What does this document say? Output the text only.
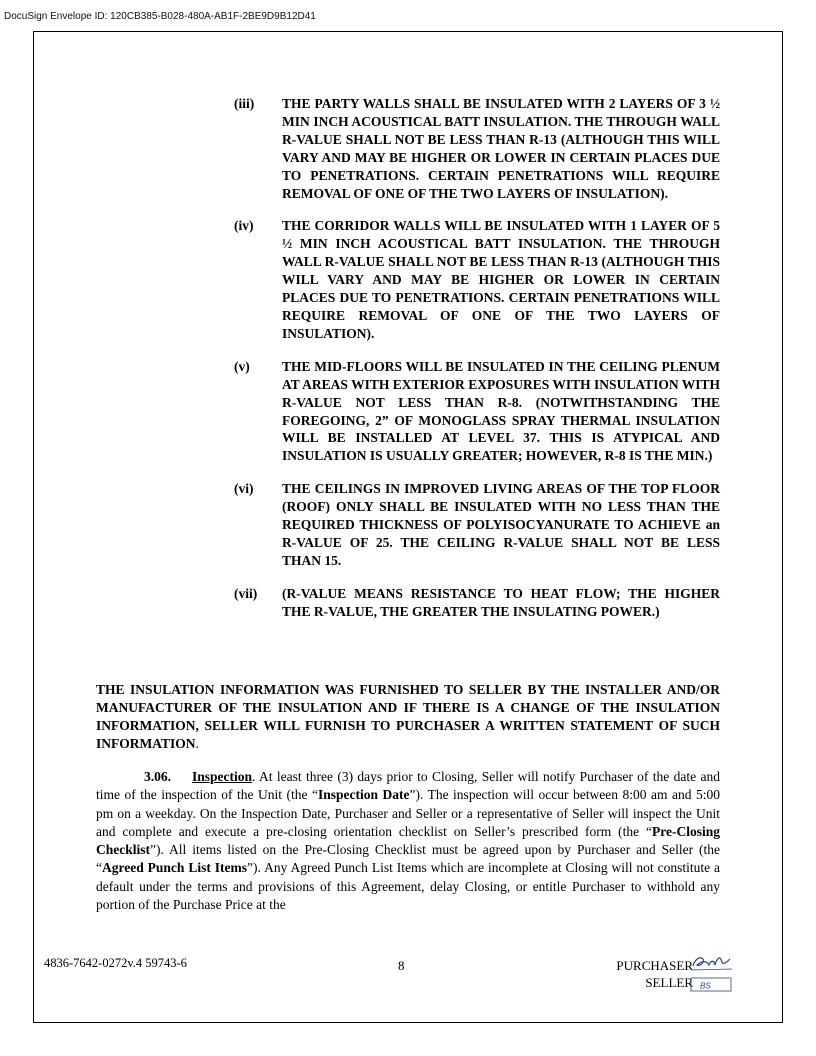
DocuSign Envelope ID: 120CB385-B028-480A-AB1F-2BE9D9B12D41
(iii)	THE PARTY WALLS SHALL BE INSULATED WITH 2 LAYERS OF 3 ½ MIN INCH ACOUSTICAL BATT INSULATION. THE THROUGH WALL R-VALUE SHALL NOT BE LESS THAN R-13 (ALTHOUGH THIS WILL VARY AND MAY BE HIGHER OR LOWER IN CERTAIN PLACES DUE TO PENETRATIONS. CERTAIN PENETRATIONS WILL REQUIRE REMOVAL OF ONE OF THE TWO LAYERS OF INSULATION).
(iv)	THE CORRIDOR WALLS WILL BE INSULATED WITH 1 LAYER OF 5 ½ MIN INCH ACOUSTICAL BATT INSULATION. THE THROUGH WALL R-VALUE SHALL NOT BE LESS THAN R-13 (ALTHOUGH THIS WILL VARY AND MAY BE HIGHER OR LOWER IN CERTAIN PLACES DUE TO PENETRATIONS. CERTAIN PENETRATIONS WILL REQUIRE REMOVAL OF ONE OF THE TWO LAYERS OF INSULATION).
(v)	THE MID-FLOORS WILL BE INSULATED IN THE CEILING PLENUM AT AREAS WITH EXTERIOR EXPOSURES WITH INSULATION WITH R-VALUE NOT LESS THAN R-8. (NOTWITHSTANDING THE FOREGOING, 2” OF MONOGLASS SPRAY THERMAL INSULATION WILL BE INSTALLED AT LEVEL 37. THIS IS ATYPICAL AND INSULATION IS USUALLY GREATER; HOWEVER, R-8 IS THE MIN.)
(vi)	THE CEILINGS IN IMPROVED LIVING AREAS OF THE TOP FLOOR (ROOF) ONLY SHALL BE INSULATED WITH NO LESS THAN THE REQUIRED THICKNESS OF POLYISOCYANURATE TO ACHIEVE an R-VALUE OF 25. THE CEILING R-VALUE SHALL NOT BE LESS THAN 15.
(vii)	(R-VALUE MEANS RESISTANCE TO HEAT FLOW; THE HIGHER THE R-VALUE, THE GREATER THE INSULATING POWER.)
THE INSULATION INFORMATION WAS FURNISHED TO SELLER BY THE INSTALLER AND/OR MANUFACTURER OF THE INSULATION AND IF THERE IS A CHANGE OF THE INSULATION INFORMATION, SELLER WILL FURNISH TO PURCHASER A WRITTEN STATEMENT OF SUCH INFORMATION.
3.06. Inspection. At least three (3) days prior to Closing, Seller will notify Purchaser of the date and time of the inspection of the Unit (the “Inspection Date”). The inspection will occur between 8:00 am and 5:00 pm on a weekday. On the Inspection Date, Purchaser and Seller or a representative of Seller will inspect the Unit and complete and execute a pre-closing orientation checklist on Seller’s prescribed form (the “Pre-Closing Checklist”). All items listed on the Pre-Closing Checklist must be agreed upon by Purchaser and Seller (the “Agreed Punch List Items”). Any Agreed Punch List Items which are incomplete at Closing will not constitute a default under the terms and provisions of this Agreement, delay Closing, or entitle Purchaser to withhold any portion of the Purchase Price at the
4836-7642-0272v.4 59743-6	8	PURCHASER
SELLER BS
